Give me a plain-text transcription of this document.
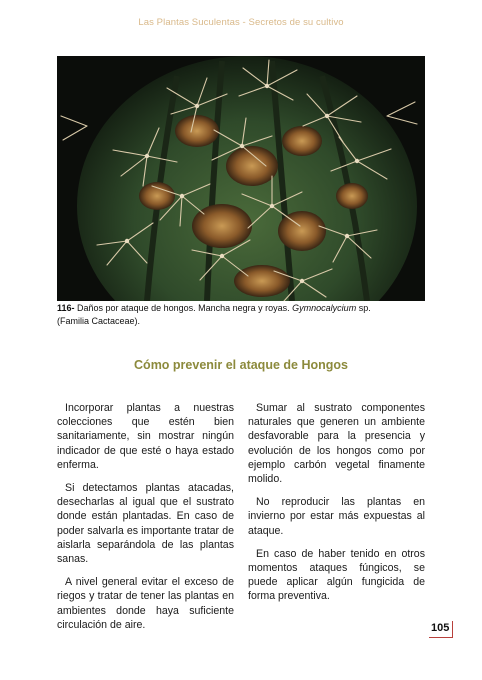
Las Plantas Suculentas - Secretos de su cultivo
116- Daños por ataque de hongos. Mancha negra y royas. Gymnocalycium sp.
(Familia Cactaceae).
Cómo prevenir el ataque de Hongos

Incorporar plantas a nuestras colecciones que estén bien sanitariamente, sin mostrar ningún indicador de que esté o haya estado enferma.

Si detectamos plantas atacadas, desecharlas al igual que el sustrato donde están plantadas. En caso de poder salvarla es importante tratar de aislarla separándola de las plantas sanas.

A nivel general evitar el exceso de riegos y tratar de tener las plantas en ambientes donde haya suficiente circulación de aire.

Sumar al sustrato componentes naturales que generen un ambiente desfavorable para la presencia y evolución de los hongos como por ejemplo carbón vegetal finamente molido.

No reproducir las plantas en invierno por estar más expuestas al ataque.

En caso de haber tenido en otros momentos ataques fúngicos, se puede aplicar algún fungicida de forma preventiva.

105
